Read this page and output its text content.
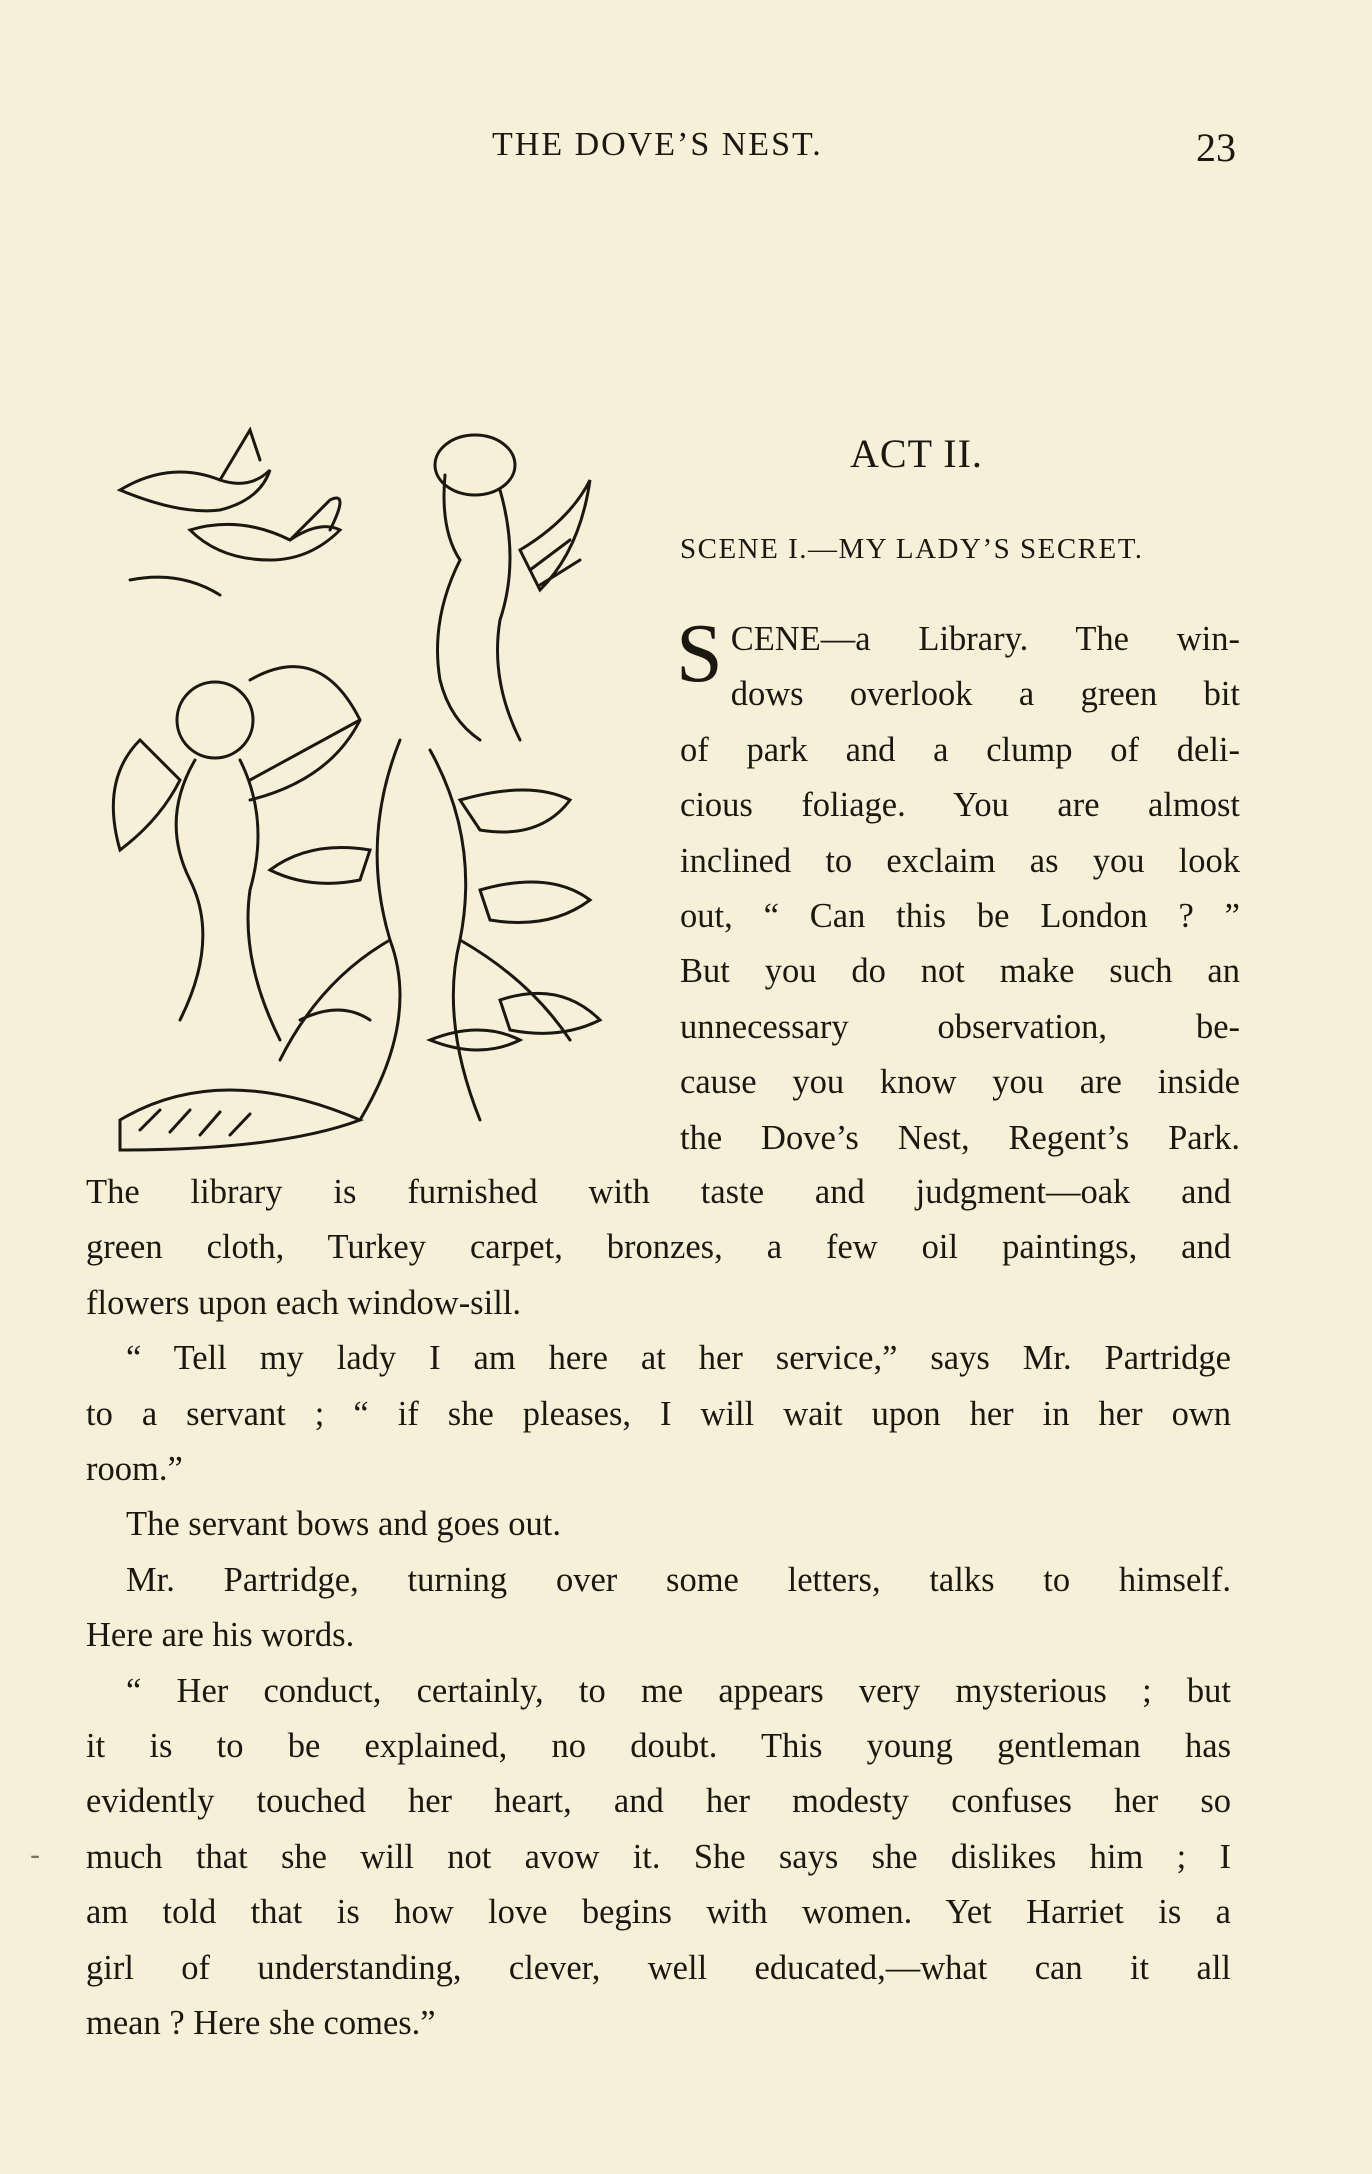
THE DOVE’S NEST.	23
ACT II.
SCENE I.—MY LADY’S SECRET.
S CENE—a Library. The win-
dows overlook a green bit
of park and a clump of deli-
cious foliage. You are almost
inclined to exclaim as you look
out, “ Can this be London ? ”
But you do not make such an
unnecessary observation, be-
cause you know you are inside
the Dove’s Nest, Regent’s Park.
The library is furnished with taste and judgment—oak and
green cloth, Turkey carpet, bronzes, a few oil paintings, and
flowers upon each window-sill.
“ Tell my lady I am here at her service,” says Mr. Partridge
to a servant ; “ if she pleases, I will wait upon her in her own
room.”
The servant bows and goes out.
Mr. Partridge, turning over some letters, talks to himself.
Here are his words.
“ Her conduct, certainly, to me appears very mysterious ; but
it is to be explained, no doubt. This young gentleman has
evidently touched her heart, and her modesty confuses her so
much that she will not avow it. She says she dislikes him ; I
am told that is how love begins with women. Yet Harriet is a
girl of understanding, clever, well educated,—what can it all
mean ? Here she comes.”
-
